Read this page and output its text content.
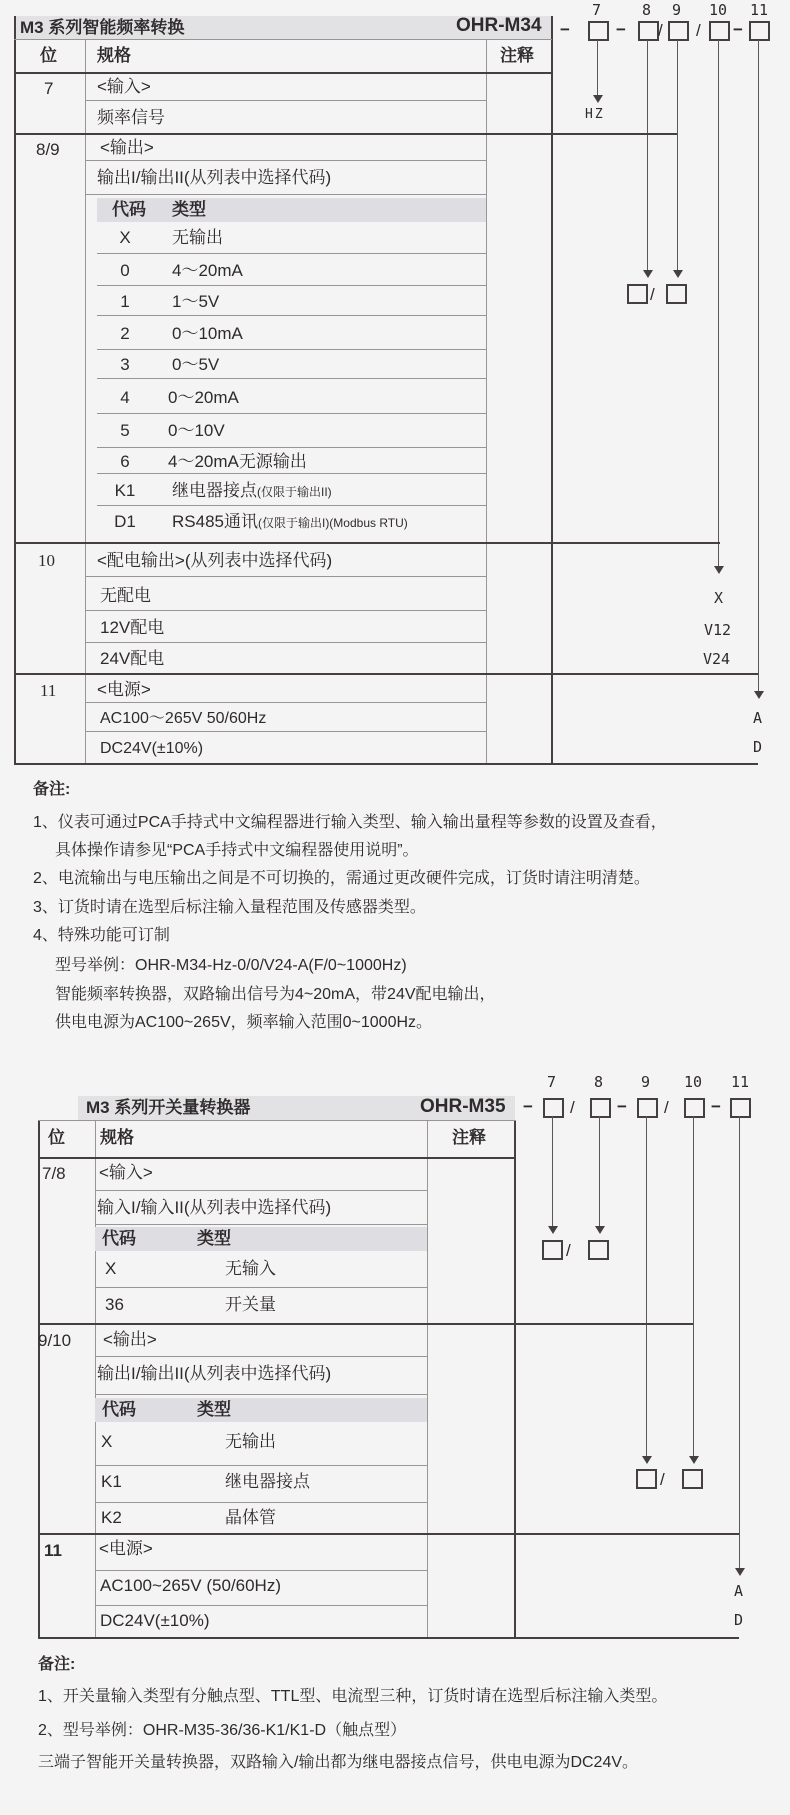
M3 系列智能频率转换	OHR-M34
7	8 9 10 11
−	− / / −
HZ
/
X
V12
V24
A
D
位 规格	注释
7	<输入>
频率信号
8/9 <输出>
输出I/输出II(从列表中选择代码)
代码 类型
X	无输出
0	4～20mA
1	1～5V
2	0～10mA
3	0～5V
4	0～20mA
5	0～10V
6	4～20mA无源输出
K1	继电器接点(仅限于输出II)
D1	RS485通讯(仅限于输出I)(Modbus RTU)
10 <配电输出>(从列表中选择代码)
无配电
12V配电
24V配电
11 <电源>
AC100～265V 50/60Hz
DC24V(±10%)
备注:
1、仪表可通过PCA手持式中文编程器进行输入类型、输入输出量程等参数的设置及查看，
具体操作请参见“PCA手持式中文编程器使用说明”。
2、电流输出与电压输出之间是不可切换的，需通过更改硬件完成，订货时请注明清楚。
3、订货时请在选型后标注输入量程范围及传感器类型。
4、特殊功能可订制
型号举例：OHR-M34-Hz-0/0/V24-A(F/0~1000Hz)
智能频率转换器，双路输出信号为4~20mA，带24V配电输出，
供电电源为AC100~265V，频率输入范围0~1000Hz。
7	8	9 10 11
M3 系列开关量转换器	OHR-M35 − / − / −
/
/
A
D
位 规格	注释
7/8 <输入>
输入I/输入II(从列表中选择代码)
代码	类型
X	无输入
36	开关量
9/10 <输出>
输出I/输出II(从列表中选择代码)
代码	类型
X	无输出
K1	继电器接点
K2	晶体管
11 <电源>
AC100~265V (50/60Hz)
DC24V(±10%)
备注:
1、开关量输入类型有分触点型、TTL型、电流型三种，订货时请在选型后标注输入类型。
2、型号举例：OHR-M35-36/36-K1/K1-D（触点型）
三端子智能开关量转换器，双路输入/输出都为继电器接点信号，供电电源为DC24V。
